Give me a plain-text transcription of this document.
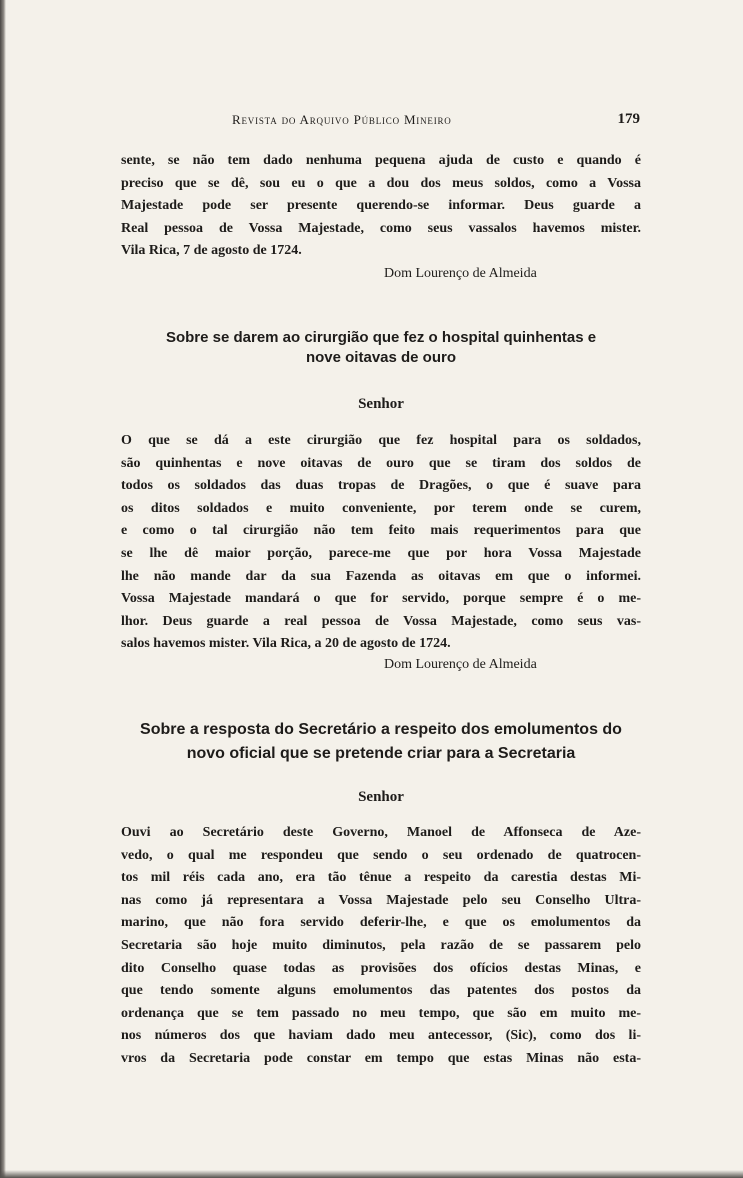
Revista do Arquivo Público Mineiro	179

sente, se não tem dado nenhuma pequena ajuda de custo e quando é
preciso que se dê, sou eu o que a dou dos meus soldos, como a Vossa
Majestade pode ser presente querendo-se informar. Deus guarde a
Real pessoa de Vossa Majestade, como seus vassalos havemos mister.
Vila Rica, 7 de agosto de 1724.

Dom Lourenço de Almeida
Sobre se darem ao cirurgião que fez o hospital quinhentas e
nove oitavas de ouro
Senhor

O que se dá a este cirurgião que fez hospital para os soldados,
são quinhentas e nove oitavas de ouro que se tiram dos soldos de
todos os soldados das duas tropas de Dragões, o que é suave para
os ditos soldados e muito conveniente, por terem onde se curem,
e como o tal cirurgião não tem feito mais requerimentos para que
se lhe dê maior porção, parece-me que por hora Vossa Majestade
lhe não mande dar da sua Fazenda as oitavas em que o informei.
Vossa Majestade mandará o que for servido, porque sempre é o me-
lhor. Deus guarde a real pessoa de Vossa Majestade, como seus vas-
salos havemos mister. Vila Rica, a 20 de agosto de 1724.

Dom Lourenço de Almeida
Sobre a resposta do Secretário a respeito dos emolumentos do
novo oficial que se pretende criar para a Secretaria
Senhor

Ouvi ao Secretário deste Governo, Manoel de Affonseca de Aze-
vedo, o qual me respondeu que sendo o seu ordenado de quatrocen-
tos mil réis cada ano, era tão tênue a respeito da carestia destas Mi-
nas como já representara a Vossa Majestade pelo seu Conselho Ultra-
marino, que não fora servido deferir-lhe, e que os emolumentos da
Secretaria são hoje muito diminutos, pela razão de se passarem pelo
dito Conselho quase todas as provisões dos ofícios destas Minas, e
que tendo somente alguns emolumentos das patentes dos postos da
ordenança que se tem passado no meu tempo, que são em muito me-
nos números dos que haviam dado meu antecessor, (Sic), como dos li-
vros da Secretaria pode constar em tempo que estas Minas não esta-
